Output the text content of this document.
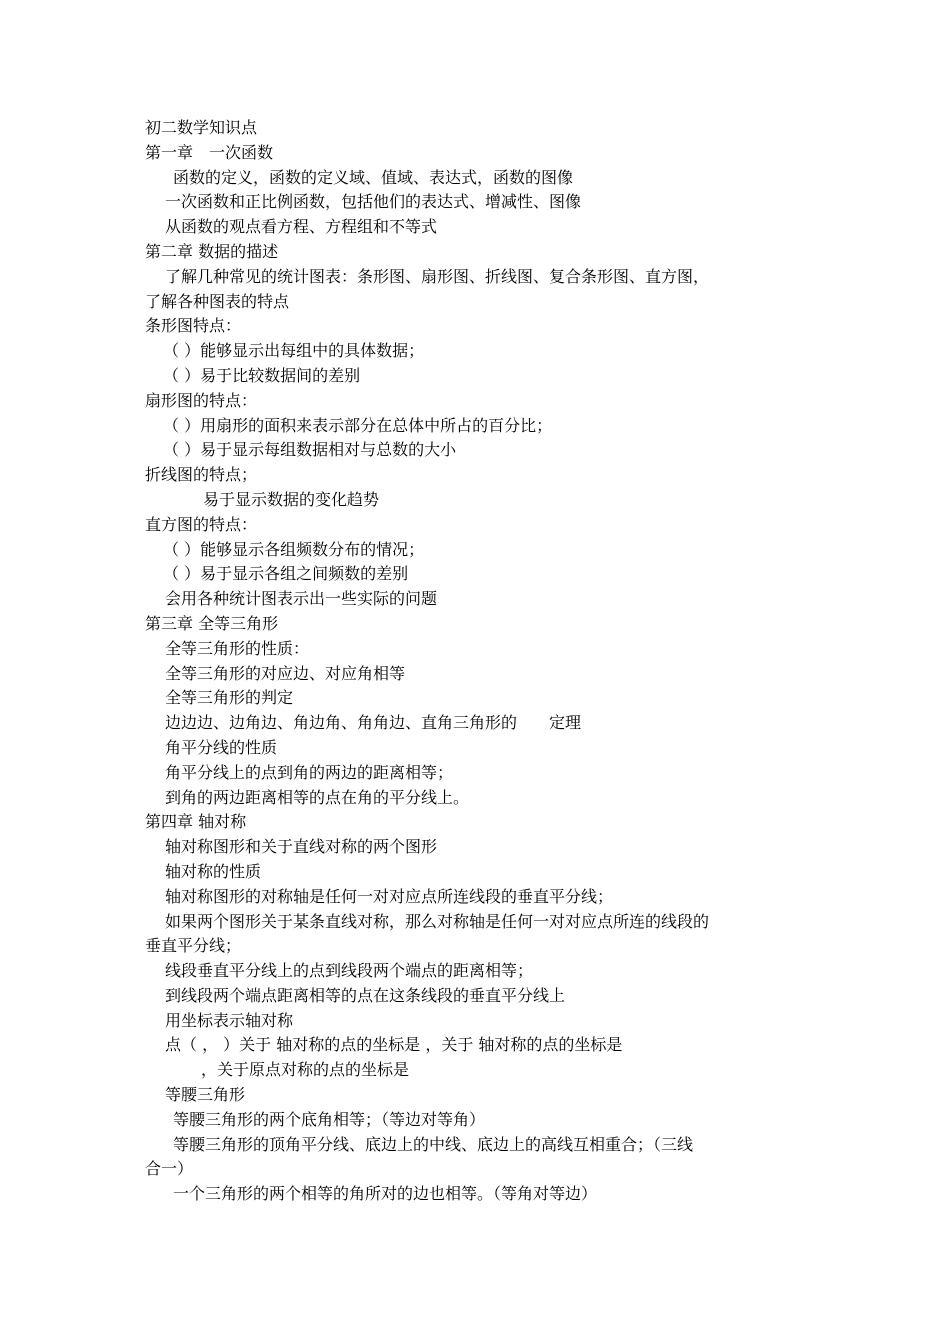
初二数学知识点
第一章　一次函数
函数的定义，函数的定义域、值域、表达式，函数的图像
一次函数和正比例函数，包括他们的表达式、增减性、图像
从函数的观点看方程、方程组和不等式
第二章 数据的描述
了解几种常见的统计图表：条形图、扇形图、折线图、复合条形图、直方图，
了解各种图表的特点
条形图特点：
（ ）能够显示出每组中的具体数据；
（ ）易于比较数据间的差别
扇形图的特点：
（ ）用扇形的面积来表示部分在总体中所占的百分比；
（ ）易于显示每组数据相对与总数的大小
折线图的特点；
易于显示数据的变化趋势
直方图的特点：
（ ）能够显示各组频数分布的情况；
（ ）易于显示各组之间频数的差别
会用各种统计图表示出一些实际的问题
第三章 全等三角形
全等三角形的性质：
全等三角形的对应边、对应角相等
全等三角形的判定
边边边、边角边、角边角、角角边、直角三角形的　　定理
角平分线的性质
角平分线上的点到角的两边的距离相等；
到角的两边距离相等的点在角的平分线上。
第四章 轴对称
轴对称图形和关于直线对称的两个图形
轴对称的性质
轴对称图形的对称轴是任何一对对应点所连线段的垂直平分线；
如果两个图形关于某条直线对称，那么对称轴是任何一对对应点所连的线段的
垂直平分线；
线段垂直平分线上的点到线段两个端点的距离相等；
到线段两个端点距离相等的点在这条线段的垂直平分线上
用坐标表示轴对称
点（ ， ）关于 轴对称的点的坐标是 ，关于 轴对称的点的坐标是
，关于原点对称的点的坐标是
等腰三角形
等腰三角形的两个底角相等；（等边对等角）
等腰三角形的顶角平分线、底边上的中线、底边上的高线互相重合；（三线
合一）
一个三角形的两个相等的角所对的边也相等。（等角对等边）
